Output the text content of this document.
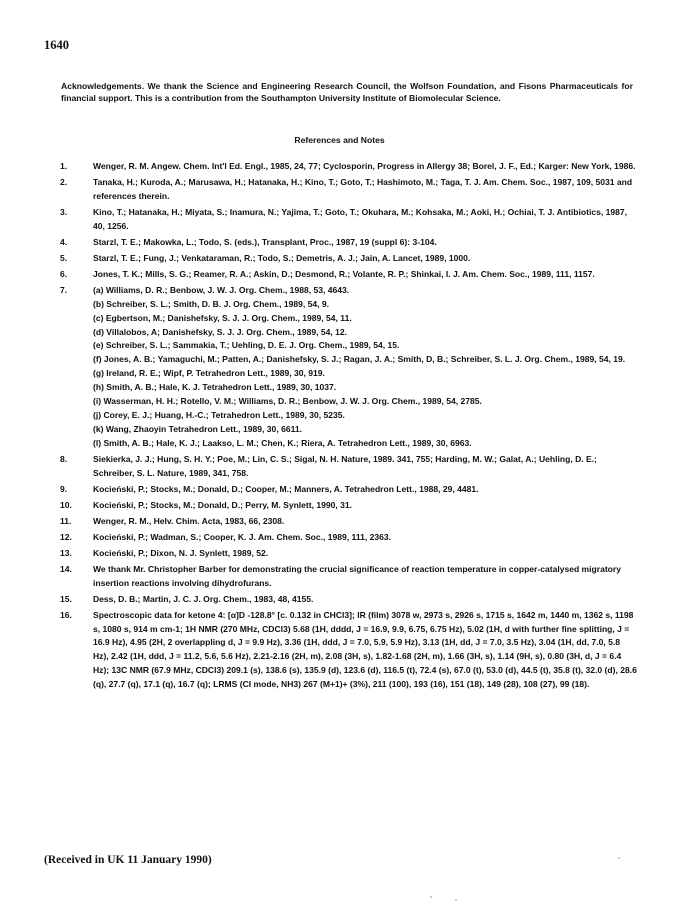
1640
Acknowledgements. We thank the Science and Engineering Research Council, the Wolfson Foundation, and Fisons Pharmaceuticals for financial support. This is a contribution from the Southampton University Institute of Biomolecular Science.
References and Notes
1.	Wenger, R. M. Angew. Chem. Int'l Ed. Engl., 1985, 24, 77; Cyclosporin, Progress in Allergy 38; Borel, J. F., Ed.; Karger: New York, 1986.
2.	Tanaka, H.; Kuroda, A.; Marusawa, H.; Hatanaka, H.; Kino, T.; Goto, T.; Hashimoto, M.; Taga, T. J. Am. Chem. Soc., 1987, 109, 5031 and references therein.
3.	Kino, T.; Hatanaka, H.; Miyata, S.; Inamura, N.; Yajima, T.; Goto, T.; Okuhara, M.; Kohsaka, M.; Aoki, H.; Ochiai, T. J. Antibiotics, 1987, 40, 1256.
4.	Starzl, T. E.; Makowka, L.; Todo, S. (eds.), Transplant, Proc., 1987, 19 (suppl 6): 3-104.
5.	Starzl, T. E.; Fung, J.; Venkataraman, R.; Todo, S.; Demetris, A. J.; Jain, A. Lancet, 1989, 1000.
6.	Jones, T. K.; Mills, S. G.; Reamer, R. A.; Askin, D.; Desmond, R.; Volante, R. P.; Shinkai, I. J. Am. Chem. Soc., 1989, 111, 1157.
7.	(a) Williams, D. R.; Benbow, J. W. J. Org. Chem., 1988, 53, 4643.
(b) Schreiber, S. L.; Smith, D. B. J. Org. Chem., 1989, 54, 9.
(c) Egbertson, M.; Danishefsky, S. J. J. Org. Chem., 1989, 54, 11.
(d) Villalobos, A; Danishefsky, S. J. J. Org. Chem., 1989, 54, 12.
(e) Schreiber, S. L.; Sammakia, T.; Uehling, D. E. J. Org. Chem., 1989, 54, 15.
(f) Jones, A. B.; Yamaguchi, M.; Patten, A.; Danishefsky, S. J.; Ragan, J. A.; Smith, D, B.; Schreiber, S. L. J. Org. Chem., 1989, 54, 19.
(g) Ireland, R. E.; Wipf, P. Tetrahedron Lett., 1989, 30, 919.
(h) Smith, A. B.; Hale, K. J. Tetrahedron Lett., 1989, 30, 1037.
(i) Wasserman, H. H.; Rotello, V. M.; Williams, D. R.; Benbow, J. W. J. Org. Chem., 1989, 54, 2785.
(j) Corey, E. J.; Huang, H.-C.; Tetrahedron Lett., 1989, 30, 5235.
(k) Wang, Zhaoyin Tetrahedron Lett., 1989, 30, 6611.
(l) Smith, A. B.; Hale, K. J.; Laakso, L. M.; Chen, K.; Riera, A. Tetrahedron Lett., 1989, 30, 6963.
8.	Siekierka, J. J.; Hung, S. H. Y.; Poe, M.; Lin, C. S.; Sigal, N. H. Nature, 1989. 341, 755; Harding, M. W.; Galat, A.; Uehling, D. E.; Schreiber, S. L. Nature, 1989, 341, 758.
9.	Kocieński, P.; Stocks, M.; Donald, D.; Cooper, M.; Manners, A. Tetrahedron Lett., 1988, 29, 4481.
10.	Kocieński, P.; Stocks, M.; Donald, D.; Perry, M. Synlett, 1990, 31.
11.	Wenger, R. M., Helv. Chim. Acta, 1983, 66, 2308.
12.	Kocieński, P.; Wadman, S.; Cooper, K. J. Am. Chem. Soc., 1989, 111, 2363.
13.	Kocieński, P.; Dixon, N. J. Synlett, 1989, 52.
14.	We thank Mr. Christopher Barber for demonstrating the crucial significance of reaction temperature in copper-catalysed migratory insertion reactions involving dihydrofurans.
15.	Dess, D. B.; Martin, J. C. J. Org. Chem., 1983, 48, 4155.
16.	Spectroscopic data for ketone 4: [α]D -128.8° [c. 0.132 in CHCl3]; IR (film) 3078 w, 2973 s, 2926 s, 1715 s, 1642 m, 1440 m, 1362 s, 1198 s, 1080 s, 914 m cm-1; 1H NMR (270 MHz, CDCl3) 5.68 (1H, dddd, J = 16.9, 9.9, 6.75, 6.75 Hz), 5.02 (1H, d with further fine splitting, J = 16.9 Hz), 4.95 (2H, 2 overlappling d, J = 9.9 Hz), 3.36 (1H, ddd, J = 7.0, 5.9, 5.9 Hz), 3.13 (1H, dd, J = 7.0, 3.5 Hz), 3.04 (1H, dd, 7.0, 5.8 Hz), 2.42 (1H, ddd, J = 11.2, 5.6, 5.6 Hz), 2.21-2.16 (2H, m), 2.08 (3H, s), 1.82-1.68 (2H, m), 1.66 (3H, s), 1.14 (9H, s), 0.80 (3H, d, J = 6.4 Hz); 13C NMR (67.9 MHz, CDCl3) 209.1 (s), 138.6 (s), 135.9 (d), 123.6 (d), 116.5 (t), 72.4 (s), 67.0 (t), 53.0 (d), 44.5 (t), 35.8 (t), 32.0 (d), 28.6 (q), 27.7 (q), 17.1 (q), 16.7 (q); LRMS (CI mode, NH3) 267 (M+1)+ (3%), 211 (100), 193 (16), 151 (18), 149 (28), 108 (27), 99 (18).
(Received in UK 11 January 1990)
